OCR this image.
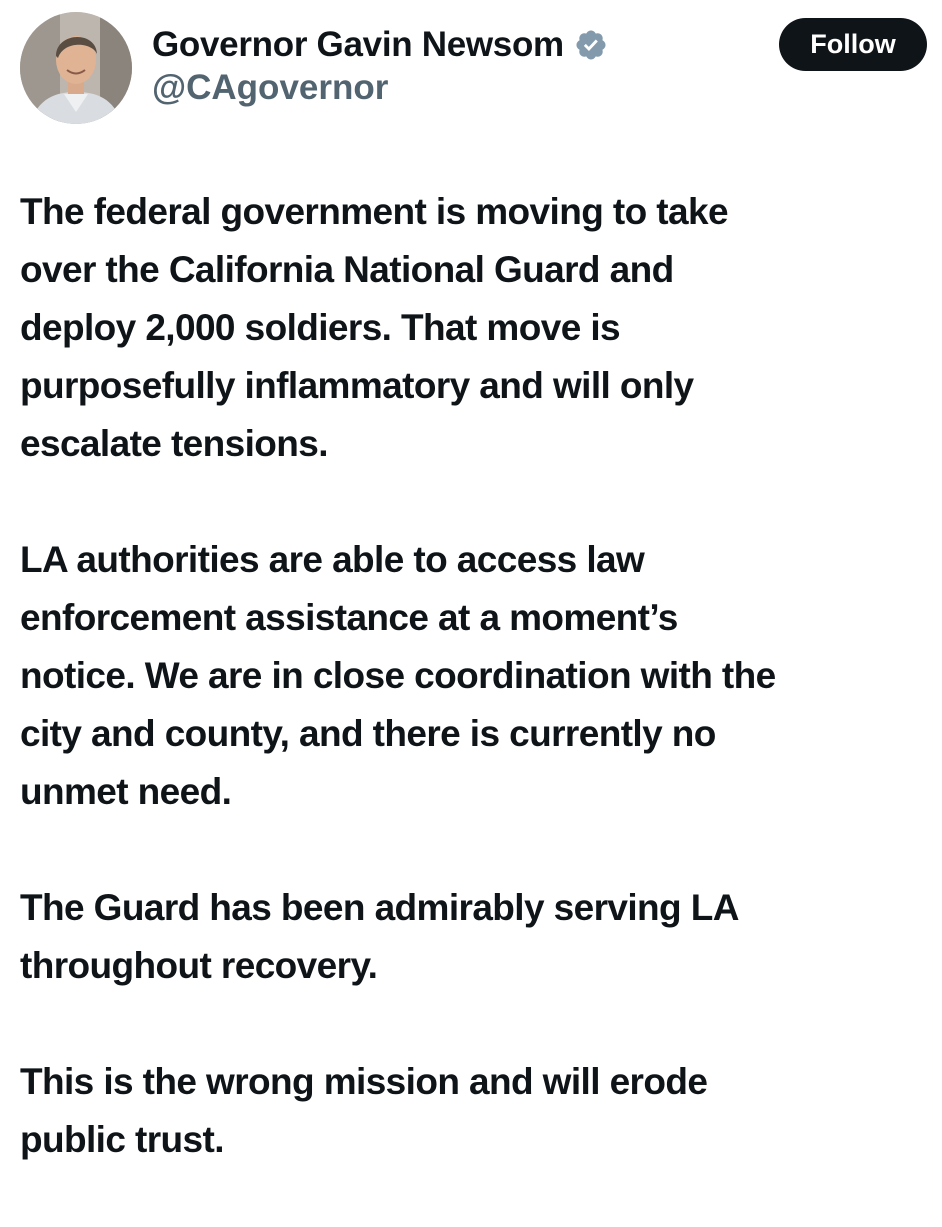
Governor Gavin Newsom
@CAgovernor
Follow

The federal government is moving to take
over the California National Guard and
deploy 2,000 soldiers. That move is
purposefully inflammatory and will only
escalate tensions.

LA authorities are able to access law
enforcement assistance at a moment’s
notice. We are in close coordination with the
city and county, and there is currently no
unmet need.

The Guard has been admirably serving LA
throughout recovery.

This is the wrong mission and will erode
public trust.
